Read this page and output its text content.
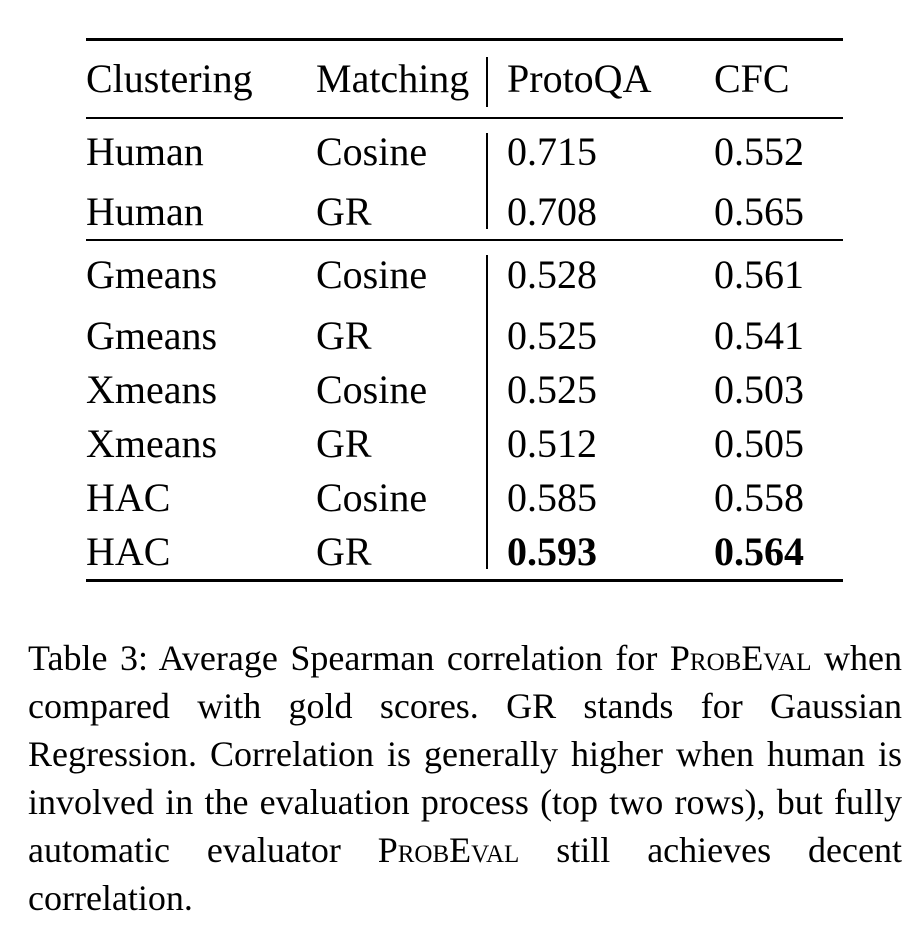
Clustering	Matching	ProtoQA	CFC
Human	Cosine	0.715	0.552
Human	GR	0.708	0.565
Gmeans	Cosine	0.528	0.561
Gmeans	GR	0.525	0.541
Xmeans	Cosine	0.525	0.503
Xmeans	GR	0.512	0.505
HAC	Cosine	0.585	0.558
HAC	GR	0.593	0.564
Table 3: Average Spearman correlation for ProbEval when compared with gold scores. GR stands for Gaussian Regression. Correlation is generally higher when human is involved in the evaluation process (top two rows), but fully automatic evaluator ProbEval still achieves decent correlation.
